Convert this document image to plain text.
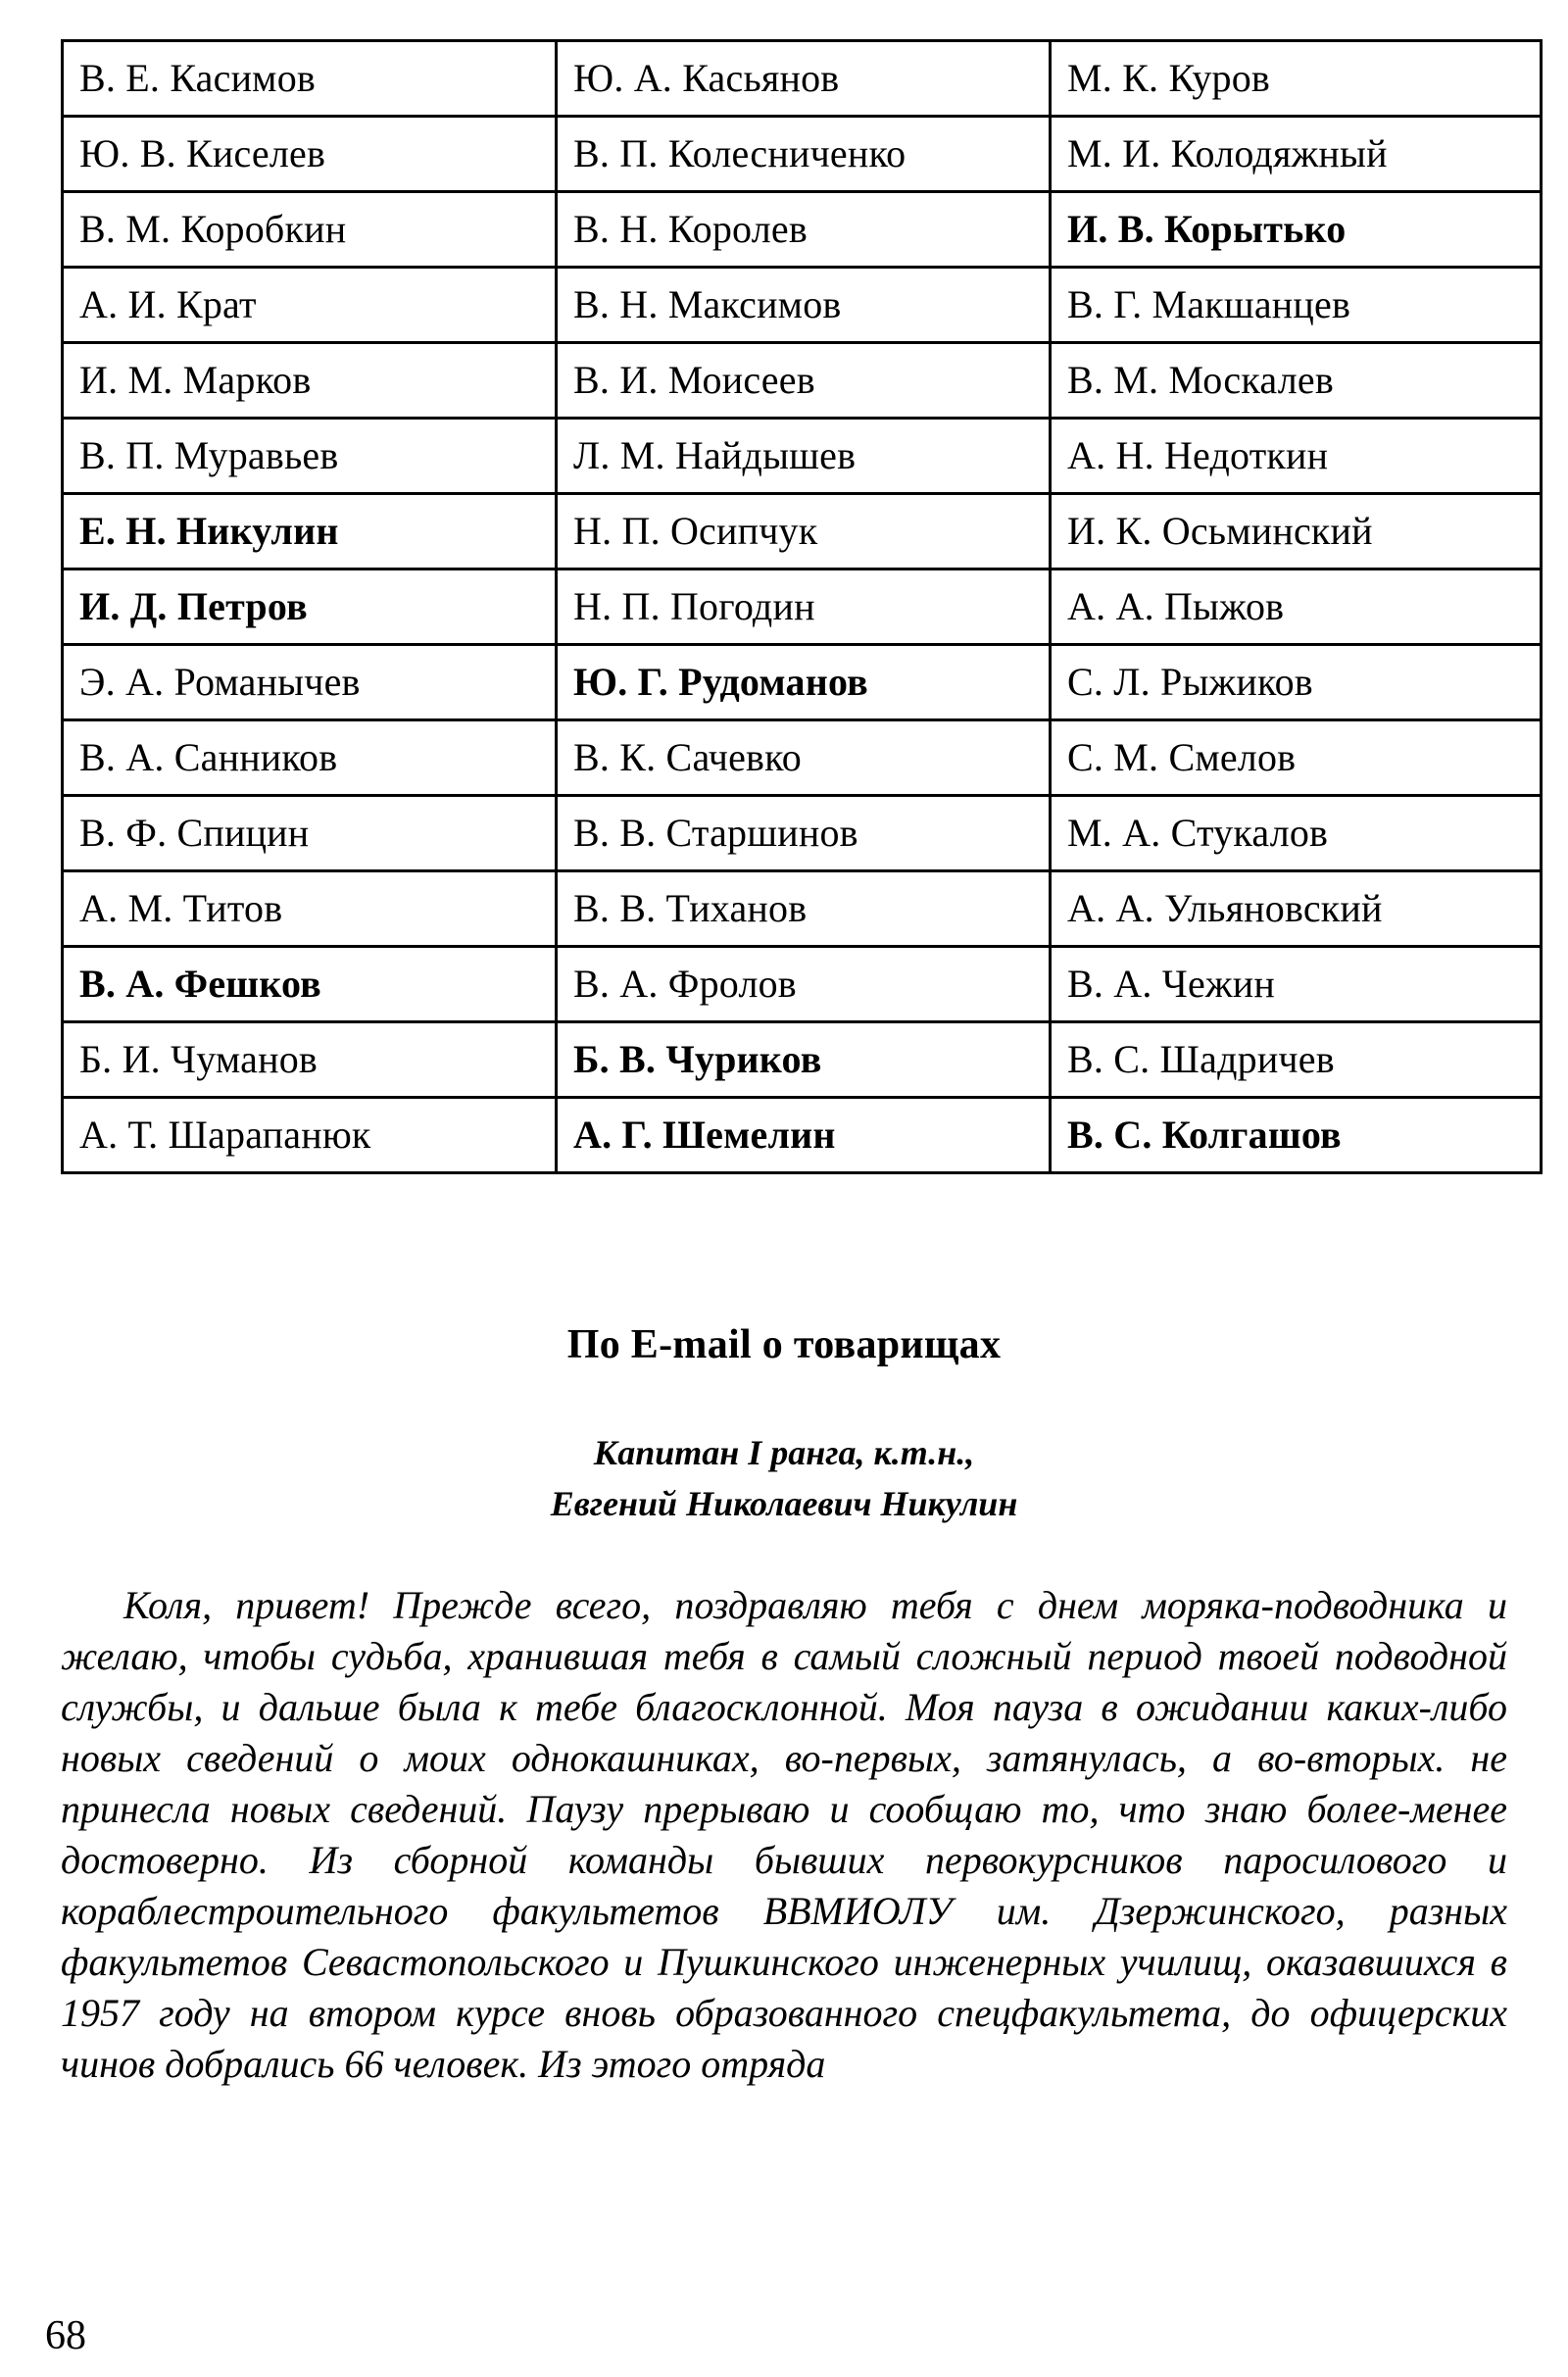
В. Е. Касимов	Ю. А. Касьянов	М. К. Куров
Ю. В. Киселев	В. П. Колесниченко	М. И. Колодяжный
В. М. Коробкин	В. Н. Королев	И. В. Корытько
А. И. Крат	В. Н. Максимов	В. Г. Макшанцев
И. М. Марков	В. И. Моисеев	В. М. Москалев
В. П. Муравьев	Л. М. Найдышев	А. Н. Недоткин
Е. Н. Никулин	Н. П. Осипчук	И. К. Осьминский
И. Д. Петров	Н. П. Погодин	А. А. Пыжов
Э. А. Романычев	Ю. Г. Рудоманов	С. Л. Рыжиков
В. А. Санников	В. К. Сачевко	С. М. Смелов
В. Ф. Спицин	В. В. Старшинов	М. А. Стукалов
А. М. Титов	В. В. Тиханов	А. А. Ульяновский
В. А. Фешков	В. А. Фролов	В. А. Чежин
Б. И. Чуманов	Б. В. Чуриков	В. С. Шадричев
А. Т. Шарапанюк	А. Г. Шемелин	В. С. Колгашов
По E-mail о товарищах
Капитан I ранга, к.т.н.,
Евгений Николаевич Никулин
Коля, привет! Прежде всего, поздравляю тебя с днем моряка-подводника и желаю, чтобы судьба, хранившая тебя в самый сложный период твоей подводной службы, и дальше была к тебе благосклонной. Моя пауза в ожидании каких-либо новых сведений о моих однокашниках, во-первых, затянулась, а во-вторых. не принесла новых сведений. Паузу прерываю и сообщаю то, что знаю более-менее достоверно. Из сборной команды бывших первокурсников паросилового и кораблестроительного факультетов ВВМИОЛУ им. Дзержинского, разных факультетов Севастопольского и Пушкинского инженерных училищ, оказавшихся в 1957 году на втором курсе вновь образованного спецфакультета, до офицерских чинов добрались 66 человек. Из этого отряда
68
